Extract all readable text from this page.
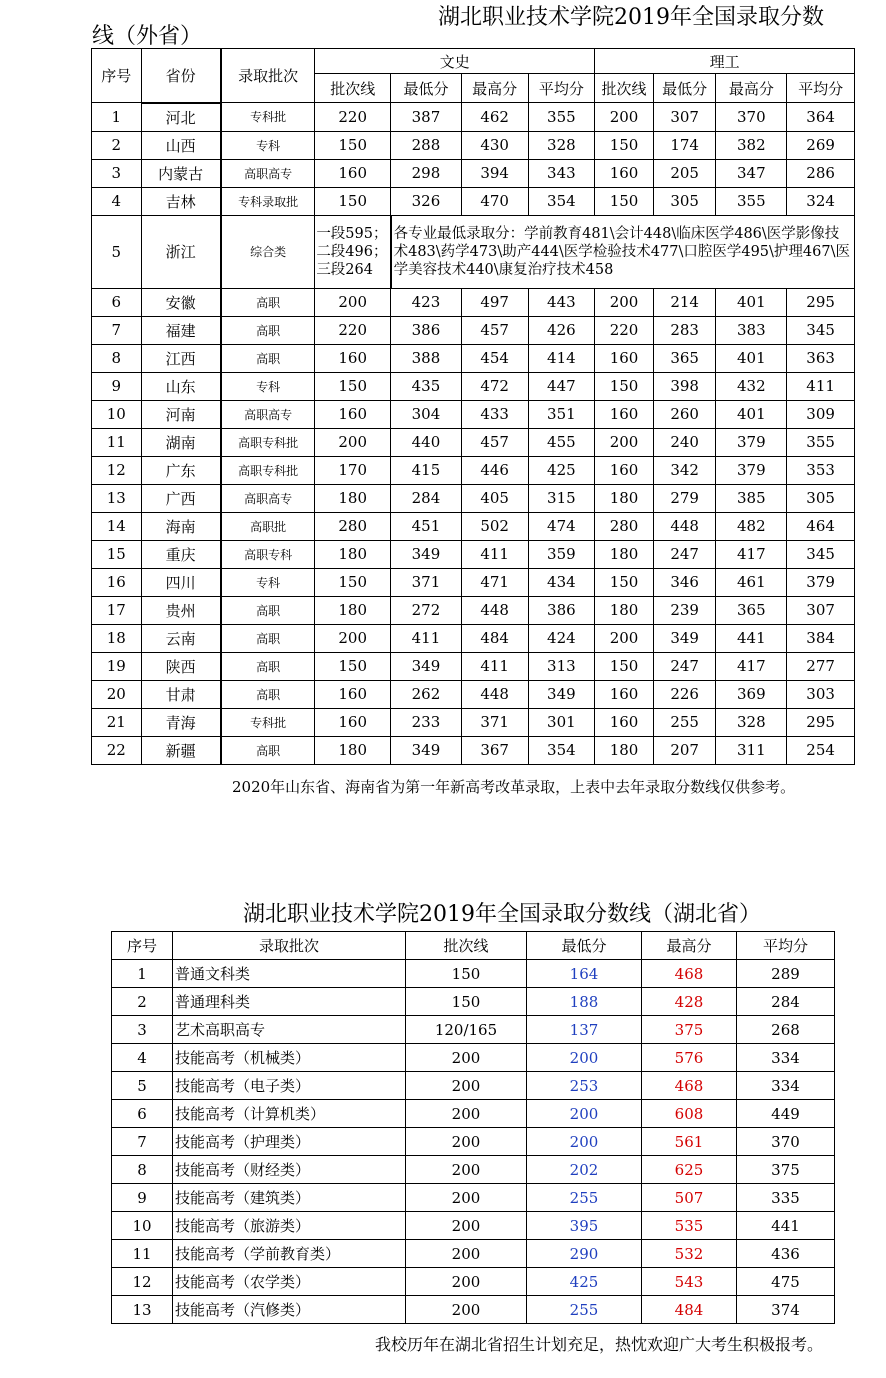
湖北职业技术学院2019年全国录取分数
线（外省）
序号	省份	录取批次	文史				理工			
			批次线	最低分	最高分	平均分	批次线	最低分	最高分	平均分
1	河北	专科批	220	387	462	355	200	307	370	364
2	山西	专科	150	288	430	328	150	174	382	269
3	内蒙古	高职高专	160	298	394	343	160	205	347	286
4	吉林	专科录取批	150	326	470	354	150	305	355	324
5	浙江	综合类	一段595；
二段496；
三段264	各专业最低录取分：学前教育481\会计448\临床医学486\医学影像技术483\药学473\助产444\医学检验技术477\口腔医学495\护理467\医学美容技术440\康复治疗技术458						
6	安徽	高职	200	423	497	443	200	214	401	295
7	福建	高职	220	386	457	426	220	283	383	345
8	江西	高职	160	388	454	414	160	365	401	363
9	山东	专科	150	435	472	447	150	398	432	411
10	河南	高职高专	160	304	433	351	160	260	401	309
11	湖南	高职专科批	200	440	457	455	200	240	379	355
12	广东	高职专科批	170	415	446	425	160	342	379	353
13	广西	高职高专	180	284	405	315	180	279	385	305
14	海南	高职批	280	451	502	474	280	448	482	464
15	重庆	高职专科	180	349	411	359	180	247	417	345
16	四川	专科	150	371	471	434	150	346	461	379
17	贵州	高职	180	272	448	386	180	239	365	307
18	云南	高职	200	411	484	424	200	349	441	384
19	陕西	高职	150	349	411	313	150	247	417	277
20	甘肃	高职	160	262	448	349	160	226	369	303
21	青海	专科批	160	233	371	301	160	255	328	295
22	新疆	高职	180	349	367	354	180	207	311	254
2020年山东省、海南省为第一年新高考改革录取，上表中去年录取分数线仅供参考。
湖北职业技术学院2019年全国录取分数线（湖北省）
序号	录取批次	批次线	最低分	最高分	平均分
1	普通文科类	150	164	468	289
2	普通理科类	150	188	428	284
3	艺术高职高专	120/165	137	375	268
4	技能高考（机械类）	200	200	576	334
5	技能高考（电子类）	200	253	468	334
6	技能高考（计算机类）	200	200	608	449
7	技能高考（护理类）	200	200	561	370
8	技能高考（财经类）	200	202	625	375
9	技能高考（建筑类）	200	255	507	335
10	技能高考（旅游类）	200	395	535	441
11	技能高考（学前教育类）	200	290	532	436
12	技能高考（农学类）	200	425	543	475
13	技能高考（汽修类）	200	255	484	374
我校历年在湖北省招生计划充足，热忱欢迎广大考生积极报考。
